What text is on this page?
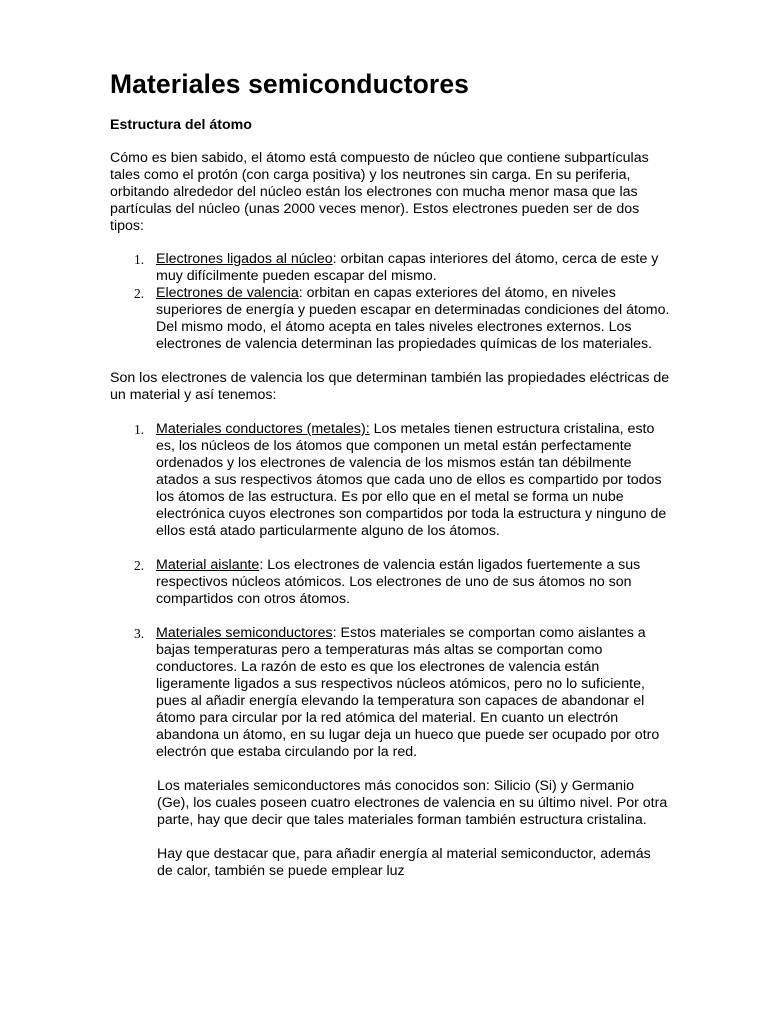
Materiales semiconductores
Estructura del átomo

Cómo es bien sabido, el átomo está compuesto de núcleo que contiene subpartículas tales como el protón (con carga positiva) y los neutrones sin carga. En su periferia, orbitando alrededor del núcleo están los electrones con mucha menor masa que las partículas del núcleo (unas 2000 veces menor). Estos electrones pueden ser de dos tipos:

1. Electrones ligados al núcleo: orbitan capas interiores del átomo, cerca de este y muy difícilmente pueden escapar del mismo.
2. Electrones de valencia: orbitan en capas exteriores del átomo, en niveles superiores de energía y pueden escapar en determinadas condiciones del átomo. Del mismo modo, el átomo acepta en tales niveles electrones externos. Los electrones de valencia determinan las propiedades químicas de los materiales.

Son los electrones de valencia los que determinan también las propiedades eléctricas de un material y así tenemos:

1. Materiales conductores (metales): Los metales tienen estructura cristalina, esto es, los núcleos de los átomos que componen un metal están perfectamente ordenados y los electrones de valencia de los mismos están tan débilmente atados a sus respectivos átomos que cada uno de ellos es compartido por todos los átomos de las estructura. Es por ello que en el metal se forma un nube electrónica cuyos electrones son compartidos por toda la estructura y ninguno de ellos está atado particularmente alguno de los átomos.
2. Material aislante: Los electrones de valencia están ligados fuertemente a sus respectivos núcleos atómicos. Los electrones de uno de sus átomos no son compartidos con otros átomos.
3. Materiales semiconductores: Estos materiales se comportan como aislantes a bajas temperaturas pero a temperaturas más altas se comportan como conductores. La razón de esto es que los electrones de valencia están ligeramente ligados a sus respectivos núcleos atómicos, pero no lo suficiente, pues al añadir energía elevando la temperatura son capaces de abandonar el átomo para circular por la red atómica del material. En cuanto un electrón abandona un átomo, en su lugar deja un hueco que puede ser ocupado por otro electrón que estaba circulando por la red.

Los materiales semiconductores más conocidos son: Silicio (Si) y Germanio (Ge), los cuales poseen cuatro electrones de valencia en su último nivel. Por otra parte, hay que decir que tales materiales forman también estructura cristalina.

Hay que destacar que, para añadir energía al material semiconductor, además de calor, también se puede emplear luz
